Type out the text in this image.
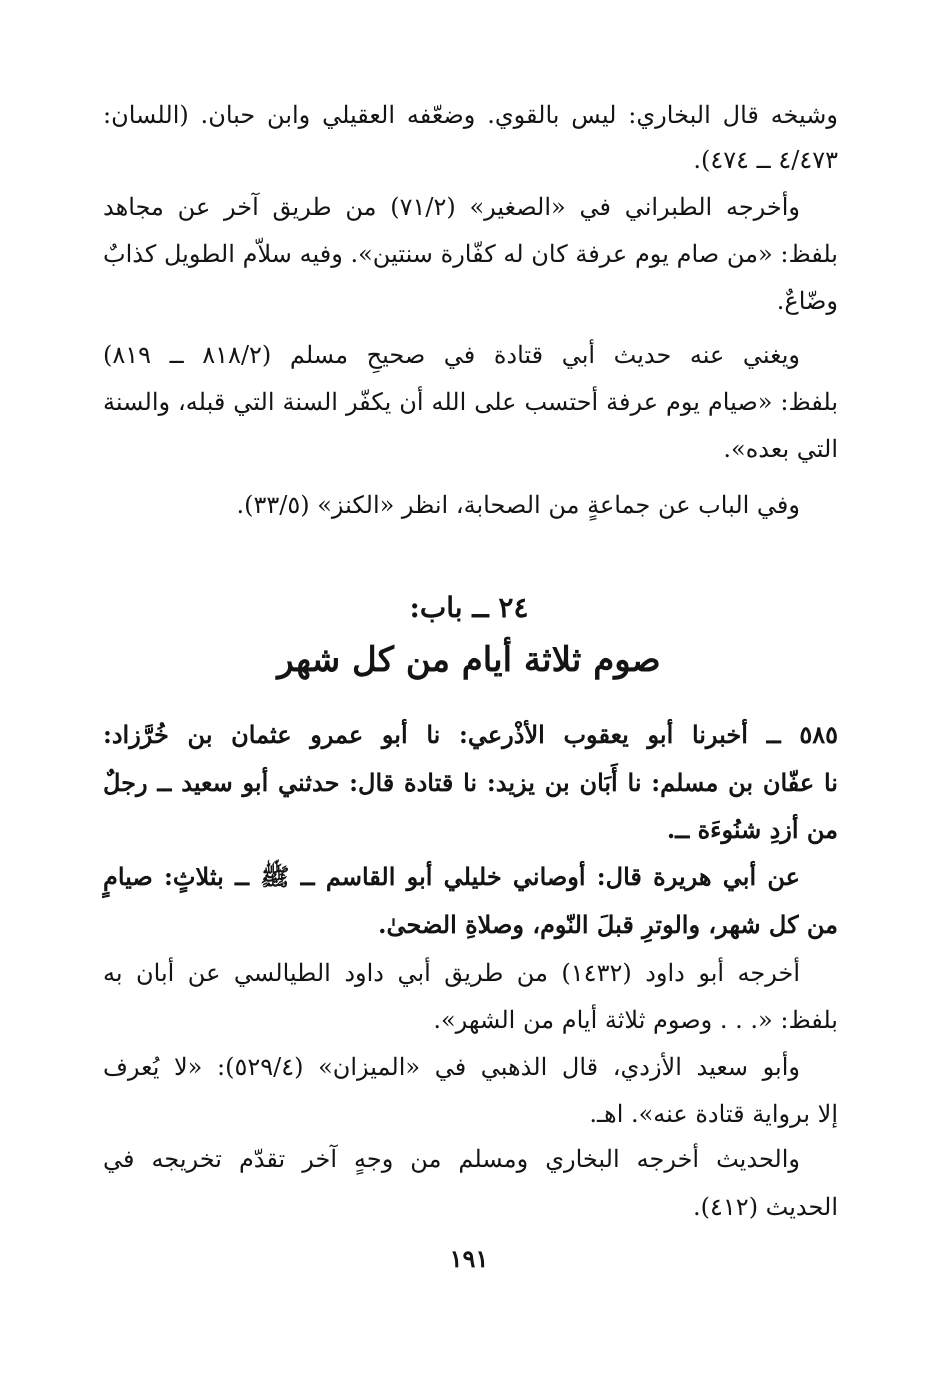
وشيخه قال البخاري: ليس بالقوي. وضعّفه العقيلي وابن حبان. (اللسان:
٤/٤٧٣ ــ ٤٧٤).
وأخرجه الطبراني في «الصغير» (٧١/٢) من طريق آخر عن مجاهد
بلفظ: «من صام يوم عرفة كان له كفّارة سنتين». وفيه سلاّم الطويل كذابٌ
وضّاعٌ.
ويغني عنه حديث أبي قتادة في صحيحِ مسلم (٨١٨/٢ ــ ٨١٩)
بلفظ: «صيام يوم عرفة أحتسب على الله أن يكفّر السنة التي قبله، والسنة
التي بعده».
وفي الباب عن جماعةٍ من الصحابة، انظر «الكنز» (٣٣/٥).
٢٤ ــ باب:
صوم ثلاثة أيام من كل شهر
٥٨٥ ــ أخبرنا أبو يعقوب الأذْرعي: نا أبو عمرو عثمان بن خُرَّزاد:
نا عفّان بن مسلم: نا أَبَان بن يزيد: نا قتادة قال: حدثني أبو سعيد ــ رجلٌ
من أزدِ شنُوءَة ــ.
عن أبي هريرة قال: أوصاني خليلي أبو القاسم ــ ﷺ ــ بثلاثٍ: صيامٍ
من كل شهر، والوترِ قبلَ النّوم، وصلاةِ الضحىٰ.
أخرجه أبو داود (١٤٣٢) من طريق أبي داود الطيالسي عن أبان به
بلفظ: «. . . وصوم ثلاثة أيام من الشهر».
وأبو سعيد الأزدي، قال الذهبي في «الميزان» (٥٢٩/٤): «لا يُعرف
إلا برواية قتادة عنه». اهـ.
والحديث أخرجه البخاري ومسلم من وجهٍ آخر تقدّم تخريجه في
الحديث (٤١٢).
١٩١
